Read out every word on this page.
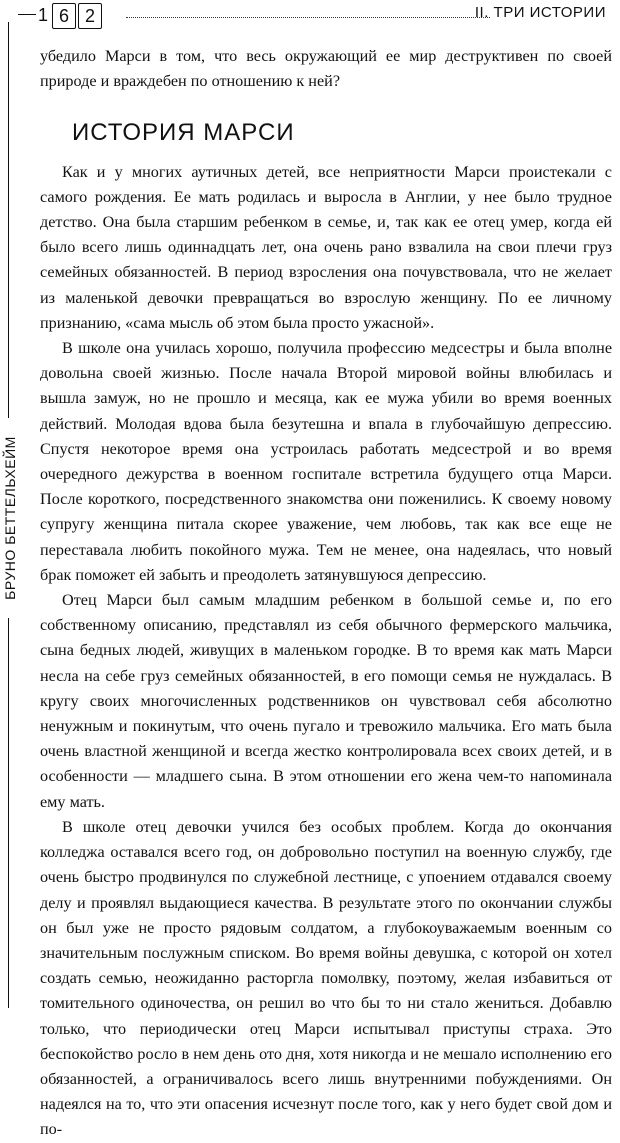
1 6 2	II. ТРИ ИСТОРИИ
БРУНО БЕТТЕЛЬХЕЙМ

убедило Марси в том, что весь окружающий ее мир деструктивен по своей природе и враждебен по отношению к ней?

ИСТОРИЯ МАРСИ

Как и у многих аутичных детей, все неприятности Марси проистекали с самого рождения. Ее мать родилась и выросла в Англии, у нее было трудное детство. Она была старшим ребенком в семье, и, так как ее отец умер, когда ей было всего лишь одиннадцать лет, она очень рано взвалила на свои плечи груз семейных обязанностей. В период взросления она почувствовала, что не желает из маленькой девочки превращаться во взрослую женщину. По ее личному признанию, «сама мысль об этом была просто ужасной».

В школе она училась хорошо, получила профессию медсестры и была вполне довольна своей жизнью. После начала Второй мировой войны влюбилась и вышла замуж, но не прошло и месяца, как ее мужа убили во время военных действий. Молодая вдова была безутешна и впала в глубочайшую депрессию. Спустя некоторое время она устроилась работать медсестрой и во время очередного дежурства в военном госпитале встретила будущего отца Марси. После короткого, посредственного знакомства они поженились. К своему новому супругу женщина питала скорее уважение, чем любовь, так как все еще не переставала любить покойного мужа. Тем не менее, она надеялась, что новый брак поможет ей забыть и преодолеть затянувшуюся депрессию.

Отец Марси был самым младшим ребенком в большой семье и, по его собственному описанию, представлял из себя обычного фермерского мальчика, сына бедных людей, живущих в маленьком городке. В то время как мать Марси несла на себе груз семейных обязанностей, в его помощи семья не нуждалась. В кругу своих многочисленных родственников он чувствовал себя абсолютно ненужным и покинутым, что очень пугало и тревожило мальчика. Его мать была очень властной женщиной и всегда жестко контролировала всех своих детей, и в особенности — младшего сына. В этом отношении его жена чем-то напоминала ему мать.

В школе отец девочки учился без особых проблем. Когда до окончания колледжа оставался всего год, он добровольно поступил на военную службу, где очень быстро продвинулся по служебной лестнице, с упоением отдавался своему делу и проявлял выдающиеся качества. В результате этого по окончании службы он был уже не просто рядовым солдатом, а глубокоуважаемым военным со значительным послужным списком. Во время войны девушка, с которой он хотел создать семью, неожиданно расторгла помолвку, поэтому, желая избавиться от томительного одиночества, он решил во что бы то ни стало жениться. Добавлю только, что периодически отец Марси испытывал приступы страха. Это беспокойство росло в нем день ото дня, хотя никогда и не мешало исполнению его обязанностей, а ограничивалось всего лишь внутренними побуждениями. Он надеялся на то, что эти опасения исчезнут после того, как у него будет свой дом и по-
